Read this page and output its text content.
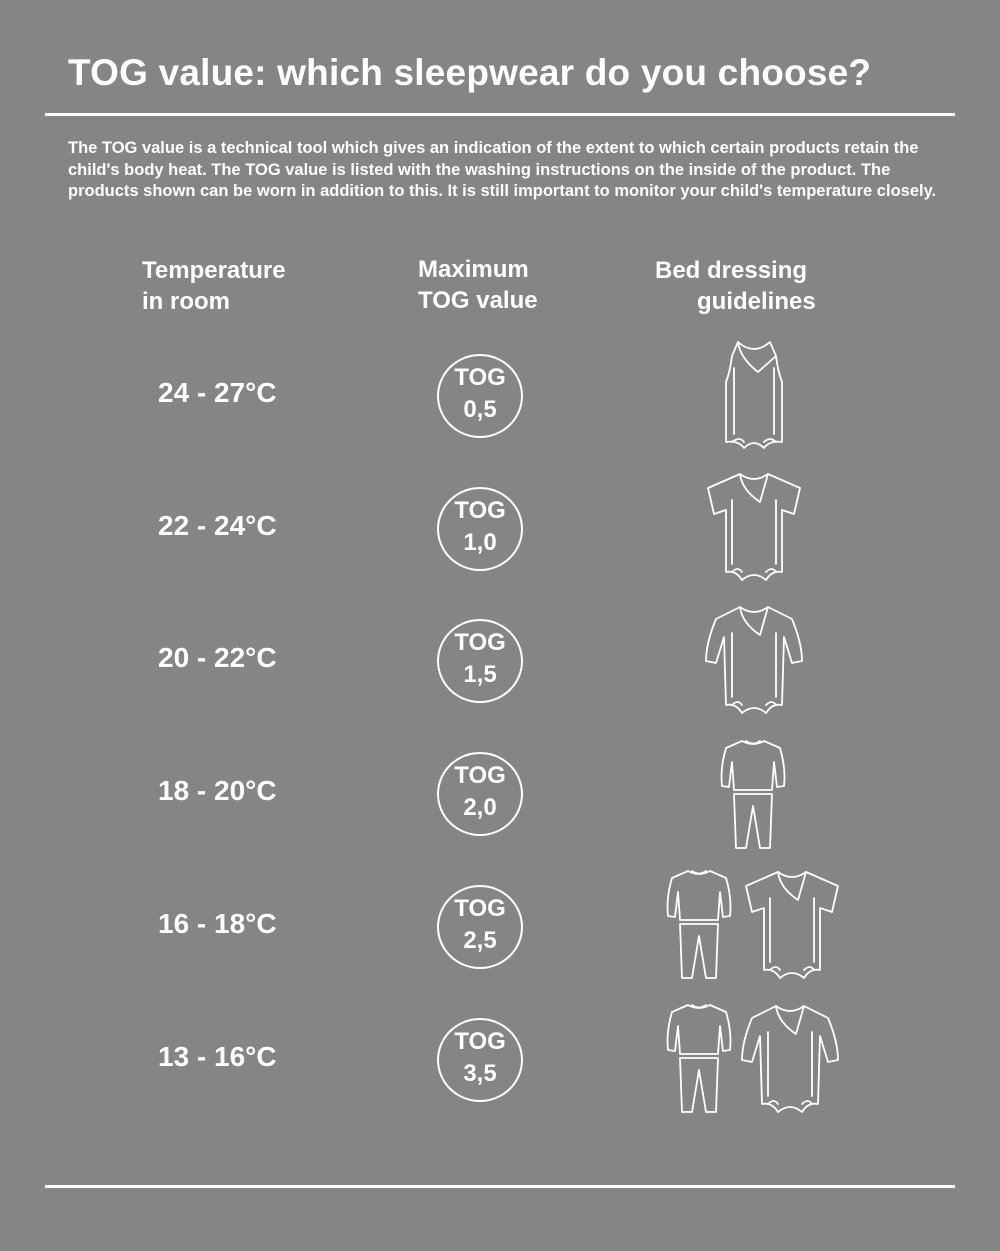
TOG value: which sleepwear do you choose?
The TOG value is a technical tool which gives an indication of the extent to which certain products retain the child's body heat. The TOG value is listed with the washing instructions on the inside of the product. The products shown can be worn in addition to this. It is still important to monitor your child's temperature closely.
Temperature
in room
Maximum
TOG value
Bed dressing
guidelines
24 - 27°C	TOG
0,5
22 - 24°C	TOG
1,0
20 - 22°C	TOG
1,5
18 - 20°C	TOG
2,0
16 - 18°C	TOG
2,5
13 - 16°C	TOG
3,5
